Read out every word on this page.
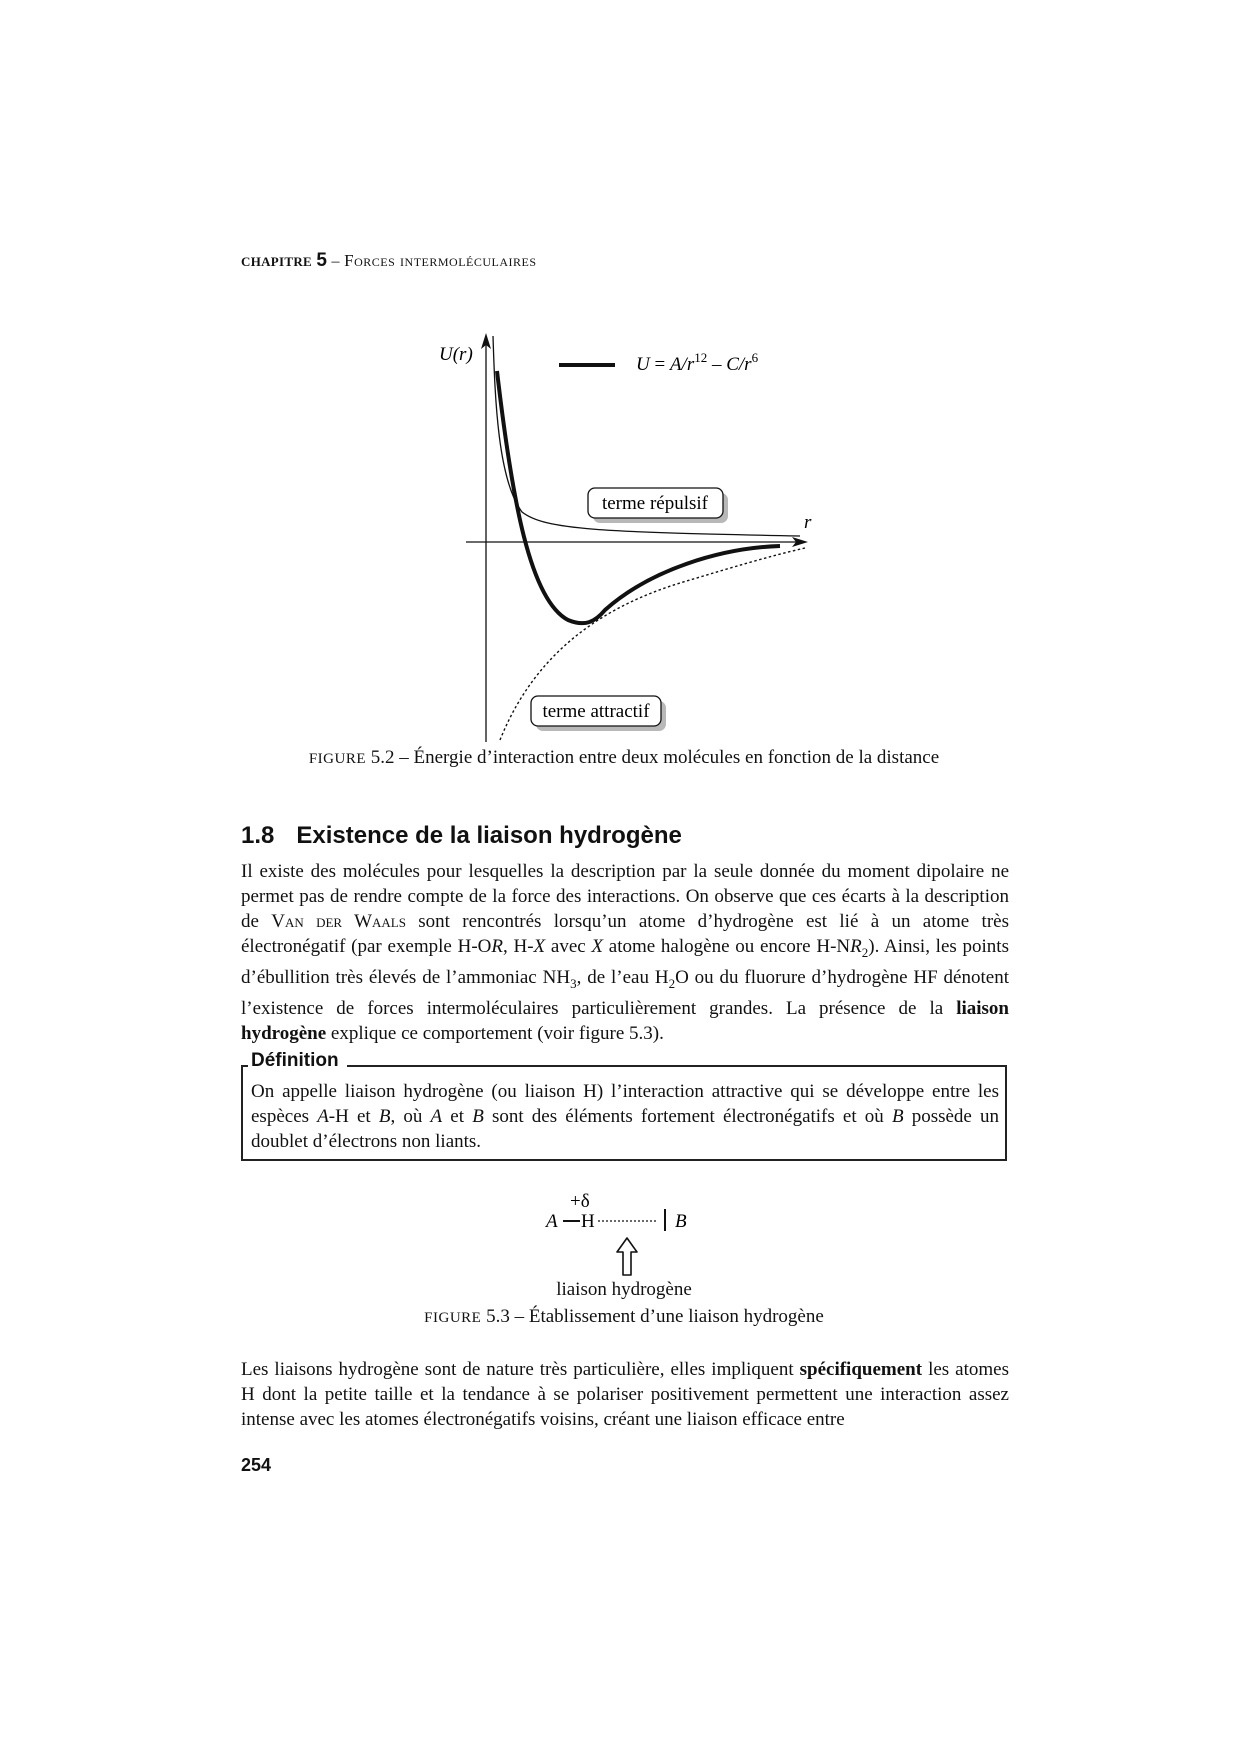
CHAPITRE 5 – Forces intermoléculaires
U(r)
r
$U = A/r^{12} - C/r^6$
terme répulsif
terme attractif
FIGURE 5.2 – Énergie d’interaction entre deux molécules en fonction de la distance
1.8 Existence de la liaison hydrogène

Il existe des molécules pour lesquelles la description par la seule donnée du moment dipolaire ne permet pas de rendre compte de la force des interactions. On observe que ces écarts à la description de Van der Waals sont rencontrés lorsqu’un atome d’hydrogène est lié à un atome très électronégatif (par exemple H-OR, H-X avec X atome halogène ou encore $H-NR_2$). Ainsi, les points d’ébullition très élevés de l’ammoniac $NH_3$, de l’eau $H_2O$ ou du fluorure d’hydrogène HF dénotent l’existence de forces intermoléculaires particulièrement grandes. La présence de la liaison hydrogène explique ce comportement (voir figure 5.3).

Définition
On appelle liaison hydrogène (ou liaison H) l’interaction attractive qui se développe entre les espèces A-H et B, où A et B sont des éléments fortement électronégatifs et où B possède un doublet d’électrons non liants.
+δ
A H	B
liaison hydrogène
FIGURE 5.3 – Établissement d’une liaison hydrogène

Les liaisons hydrogène sont de nature très particulière, elles impliquent spécifiquement les atomes H dont la petite taille et la tendance à se polariser positivement permettent une interaction assez intense avec les atomes électronégatifs voisins, créant une liaison efficace entre

254
